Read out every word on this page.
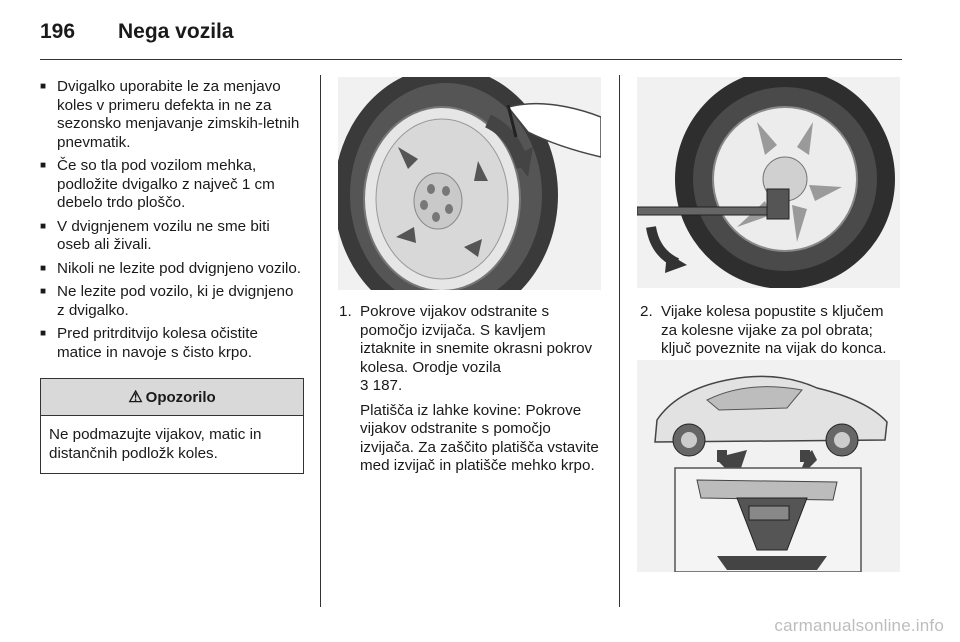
196 Nega vozila
■ Dvigalko uporabite le za menjavo koles v primeru defekta in ne za sezonsko menjavanje zimskih-letnih pnevmatik.
■ Če so tla pod vozilom mehka, podložite dvigalko z največ 1 cm debelo trdo ploščo.
■ V dvignjenem vozilu ne sme biti oseb ali živali.
■ Nikoli ne lezite pod dvignjeno vozilo.
■ Ne lezite pod vozilo, ki je dvignjeno z dvigalko.
■ Pred pritrditvijo kolesa očistite matice in navoje s čisto krpo.
⚠ Opozorilo
Ne podmazujte vijakov, matic in distančnih podložk koles.
1. Pokrove vijakov odstranite s pomočjo izvijača. S kavljem iztaknite in snemite okrasni pokrov kolesa. Orodje vozila
3 187.

Platišča iz lahke kovine: Pokrove vijakov odstranite s pomočjo izvijača. Za zaščito platišča vstavite med izvijač in platišče mehko krpo.

2. Vijake kolesa popustite s ključem za kolesne vijake za pol obrata; ključ poveznite na vijak do konca.

carmanualsonline.info
